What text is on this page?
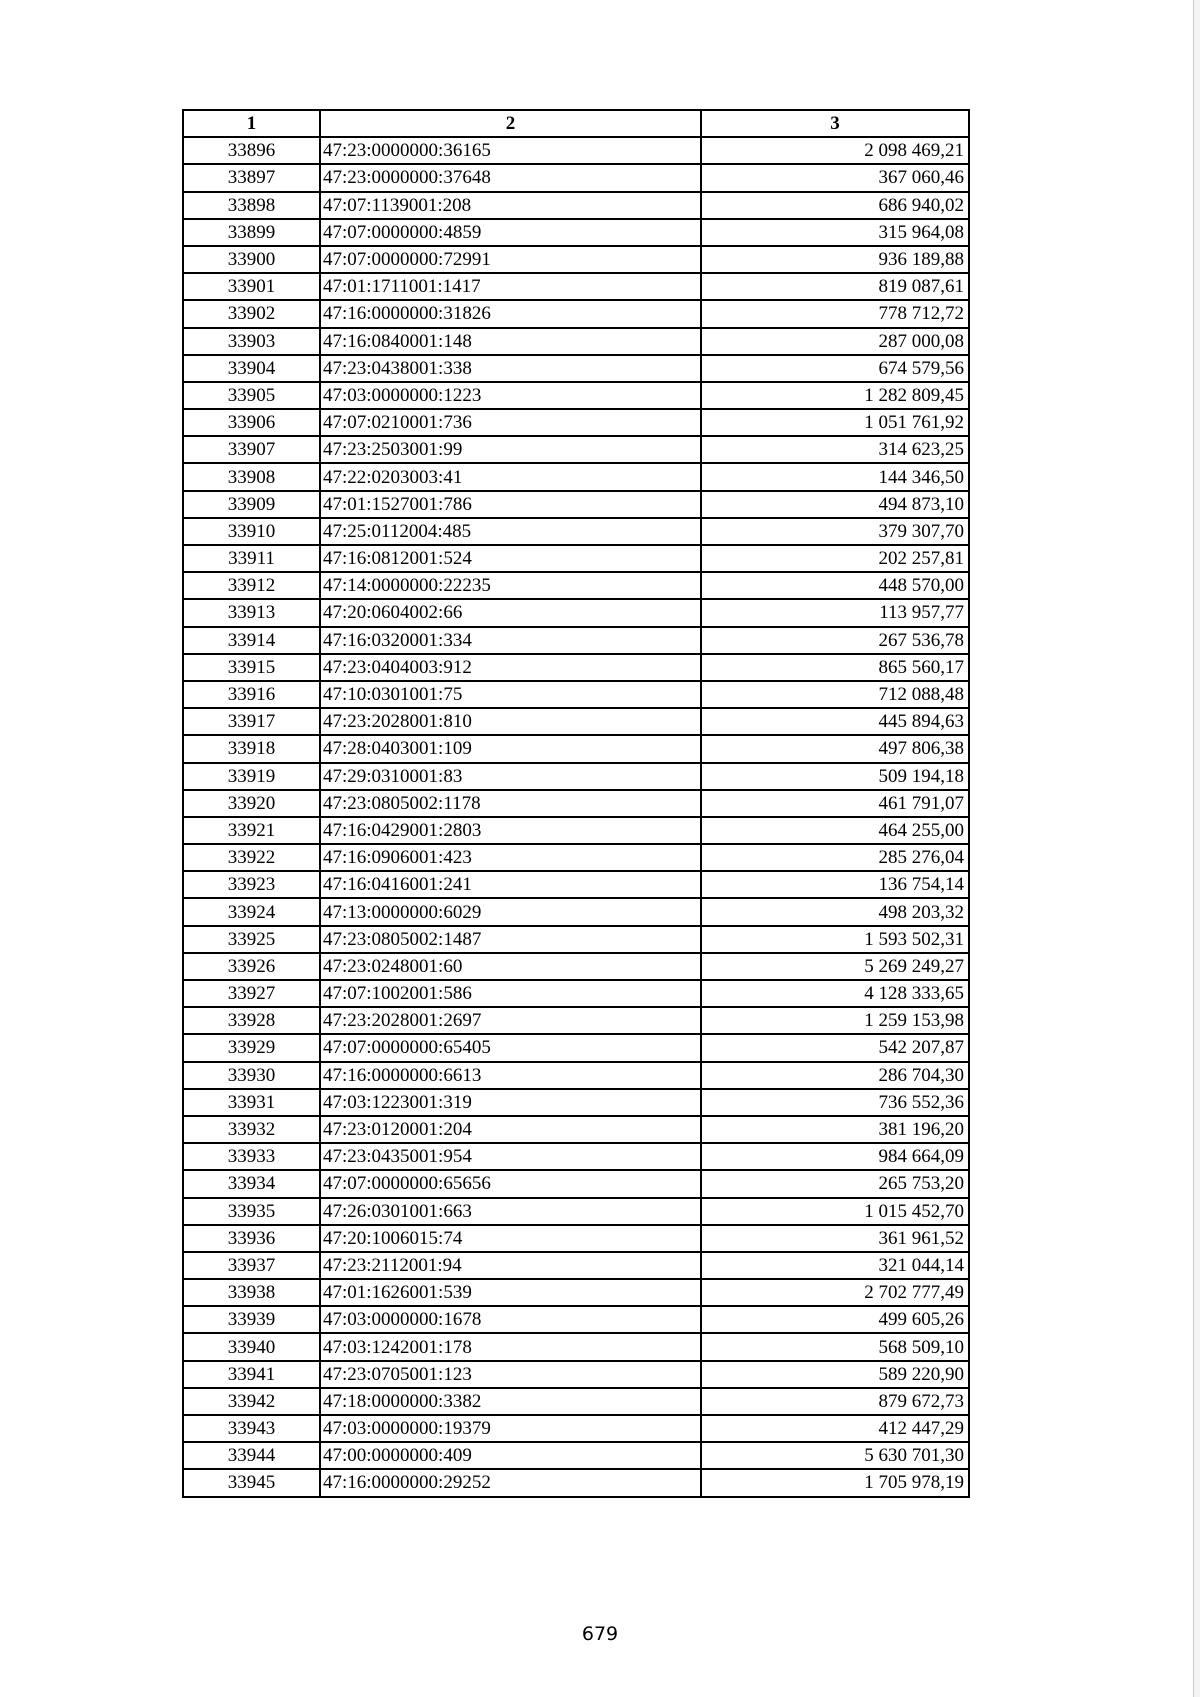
1	2	3
33896	47:23:0000000:36165	2 098 469,21
33897	47:23:0000000:37648	367 060,46
33898	47:07:1139001:208	686 940,02
33899	47:07:0000000:4859	315 964,08
33900	47:07:0000000:72991	936 189,88
33901	47:01:1711001:1417	819 087,61
33902	47:16:0000000:31826	778 712,72
33903	47:16:0840001:148	287 000,08
33904	47:23:0438001:338	674 579,56
33905	47:03:0000000:1223	1 282 809,45
33906	47:07:0210001:736	1 051 761,92
33907	47:23:2503001:99	314 623,25
33908	47:22:0203003:41	144 346,50
33909	47:01:1527001:786	494 873,10
33910	47:25:0112004:485	379 307,70
33911	47:16:0812001:524	202 257,81
33912	47:14:0000000:22235	448 570,00
33913	47:20:0604002:66	113 957,77
33914	47:16:0320001:334	267 536,78
33915	47:23:0404003:912	865 560,17
33916	47:10:0301001:75	712 088,48
33917	47:23:2028001:810	445 894,63
33918	47:28:0403001:109	497 806,38
33919	47:29:0310001:83	509 194,18
33920	47:23:0805002:1178	461 791,07
33921	47:16:0429001:2803	464 255,00
33922	47:16:0906001:423	285 276,04
33923	47:16:0416001:241	136 754,14
33924	47:13:0000000:6029	498 203,32
33925	47:23:0805002:1487	1 593 502,31
33926	47:23:0248001:60	5 269 249,27
33927	47:07:1002001:586	4 128 333,65
33928	47:23:2028001:2697	1 259 153,98
33929	47:07:0000000:65405	542 207,87
33930	47:16:0000000:6613	286 704,30
33931	47:03:1223001:319	736 552,36
33932	47:23:0120001:204	381 196,20
33933	47:23:0435001:954	984 664,09
33934	47:07:0000000:65656	265 753,20
33935	47:26:0301001:663	1 015 452,70
33936	47:20:1006015:74	361 961,52
33937	47:23:2112001:94	321 044,14
33938	47:01:1626001:539	2 702 777,49
33939	47:03:0000000:1678	499 605,26
33940	47:03:1242001:178	568 509,10
33941	47:23:0705001:123	589 220,90
33942	47:18:0000000:3382	879 672,73
33943	47:03:0000000:19379	412 447,29
33944	47:00:0000000:409	5 630 701,30
33945	47:16:0000000:29252	1 705 978,19
679
